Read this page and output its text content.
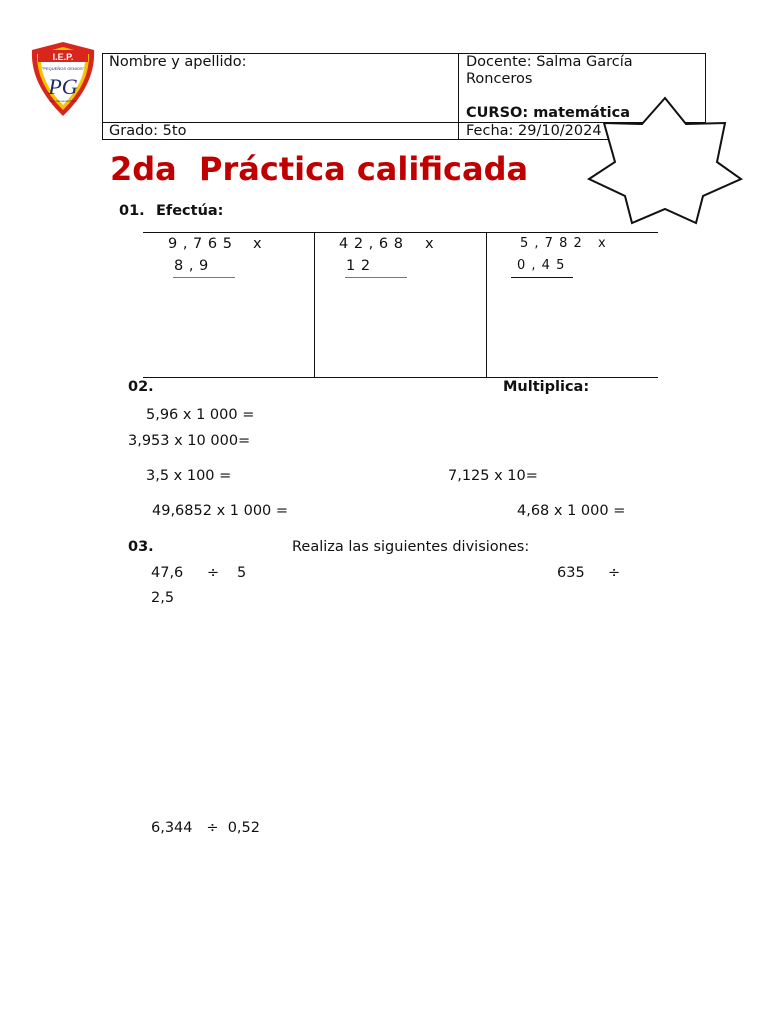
I.E.P.
"PEQUEÑOS GENIOS"
PG
San Clemente Pisco
Nombre y apellido:	Docente: Salma García Ronceros
CURSO: matemática
Grado: 5to	Fecha: 29/10/2024
2da  Práctica calificada
01. Efectúa:
9 , 7 6 5 x
8 , 9
4 2 , 6 8 x
1 2
5 , 7 8 2 x
0 , 4 5
02.	Multiplica:
5,96 x 1 000 =
3,953 x 10 000=
3,5 x 100 =	7,125 x 10=
49,6852 x 1 000 =	4,68 x 1 000 =
03.	Realiza las siguientes divisiones:
47,6 ÷ 5	635 ÷
2,5
6,344   ÷  0,52
